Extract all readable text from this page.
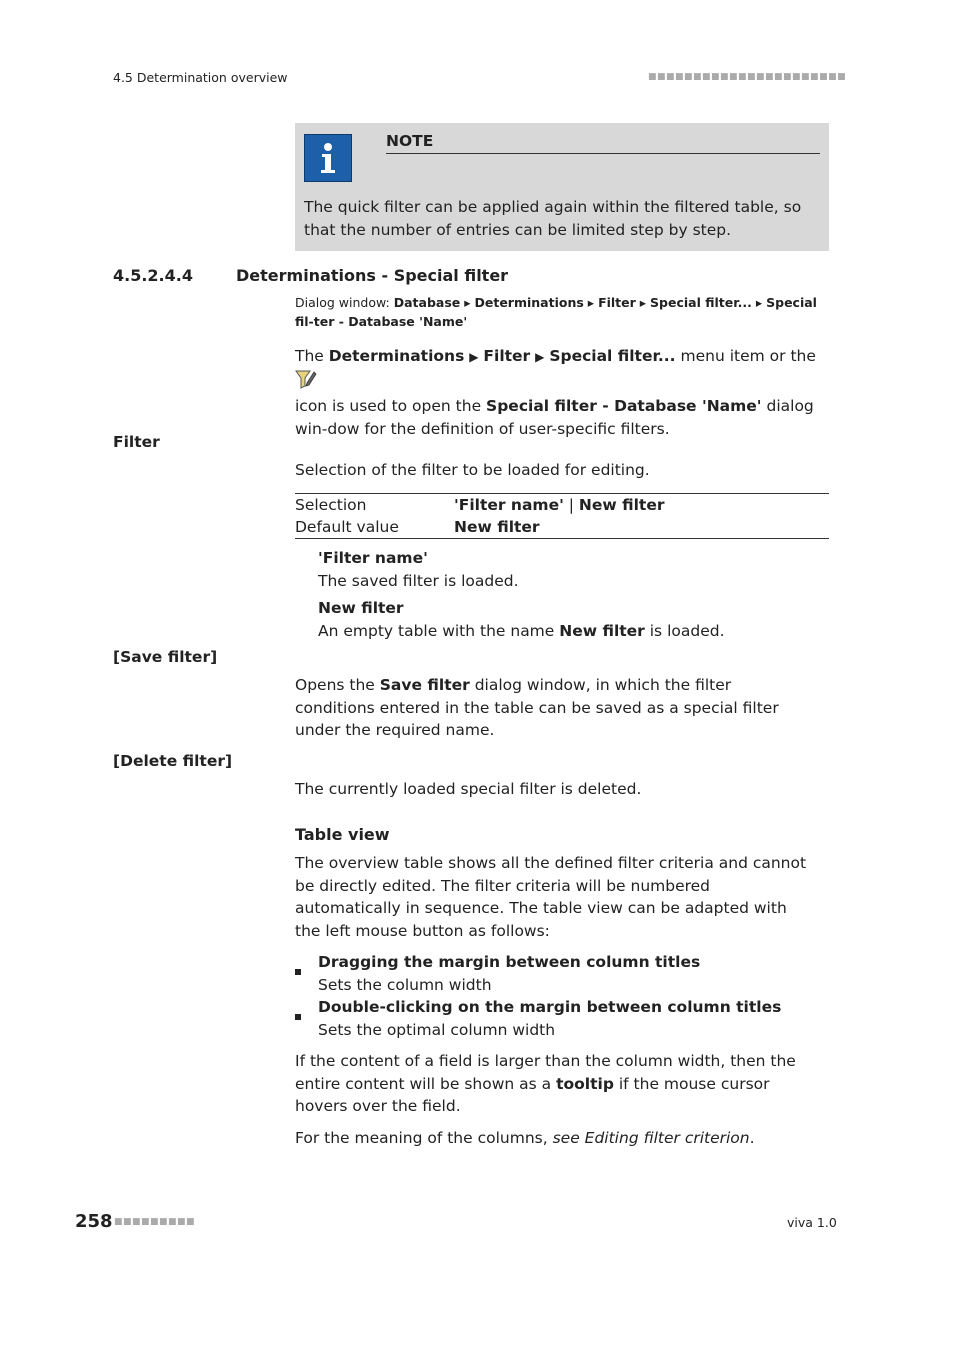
4.5 Determination overview	■■■■■■■■■■■■■■■■■■■■■■
NOTE
The quick filter can be applied again within the filtered table, so that the number of entries can be limited step by step.
4.5.2.4.4	Determinations - Special filter
Dialog window: Database ▸ Determinations ▸ Filter ▸ Special filter... ▸ Special fil-ter - Database 'Name'
The Determinations ▶ Filter ▶ Special filter... menu item or the
icon is used to open the Special filter - Database 'Name' dialog win-dow for the definition of user-specific filters.
Filter
Selection of the filter to be loaded for editing.
Selection	'Filter name' | New filter
Default value	New filter
'Filter name'
The saved filter is loaded.
New filter
An empty table with the name New filter is loaded.
[Save filter]
Opens the Save filter dialog window, in which the filter conditions entered in the table can be saved as a special filter under the required name.
[Delete filter]
The currently loaded special filter is deleted.
Table view
The overview table shows all the defined filter criteria and cannot be directly edited. The filter criteria will be numbered automatically in sequence. The table view can be adapted with the left mouse button as follows:
Dragging the margin between column titles
Sets the column width
Double-clicking on the margin between column titles
Sets the optimal column width
If the content of a field is larger than the column width, then the entire content will be shown as a tooltip if the mouse cursor hovers over the field.
For the meaning of the columns, see Editing filter criterion.
258 ■■■■■■■■■	viva 1.0
